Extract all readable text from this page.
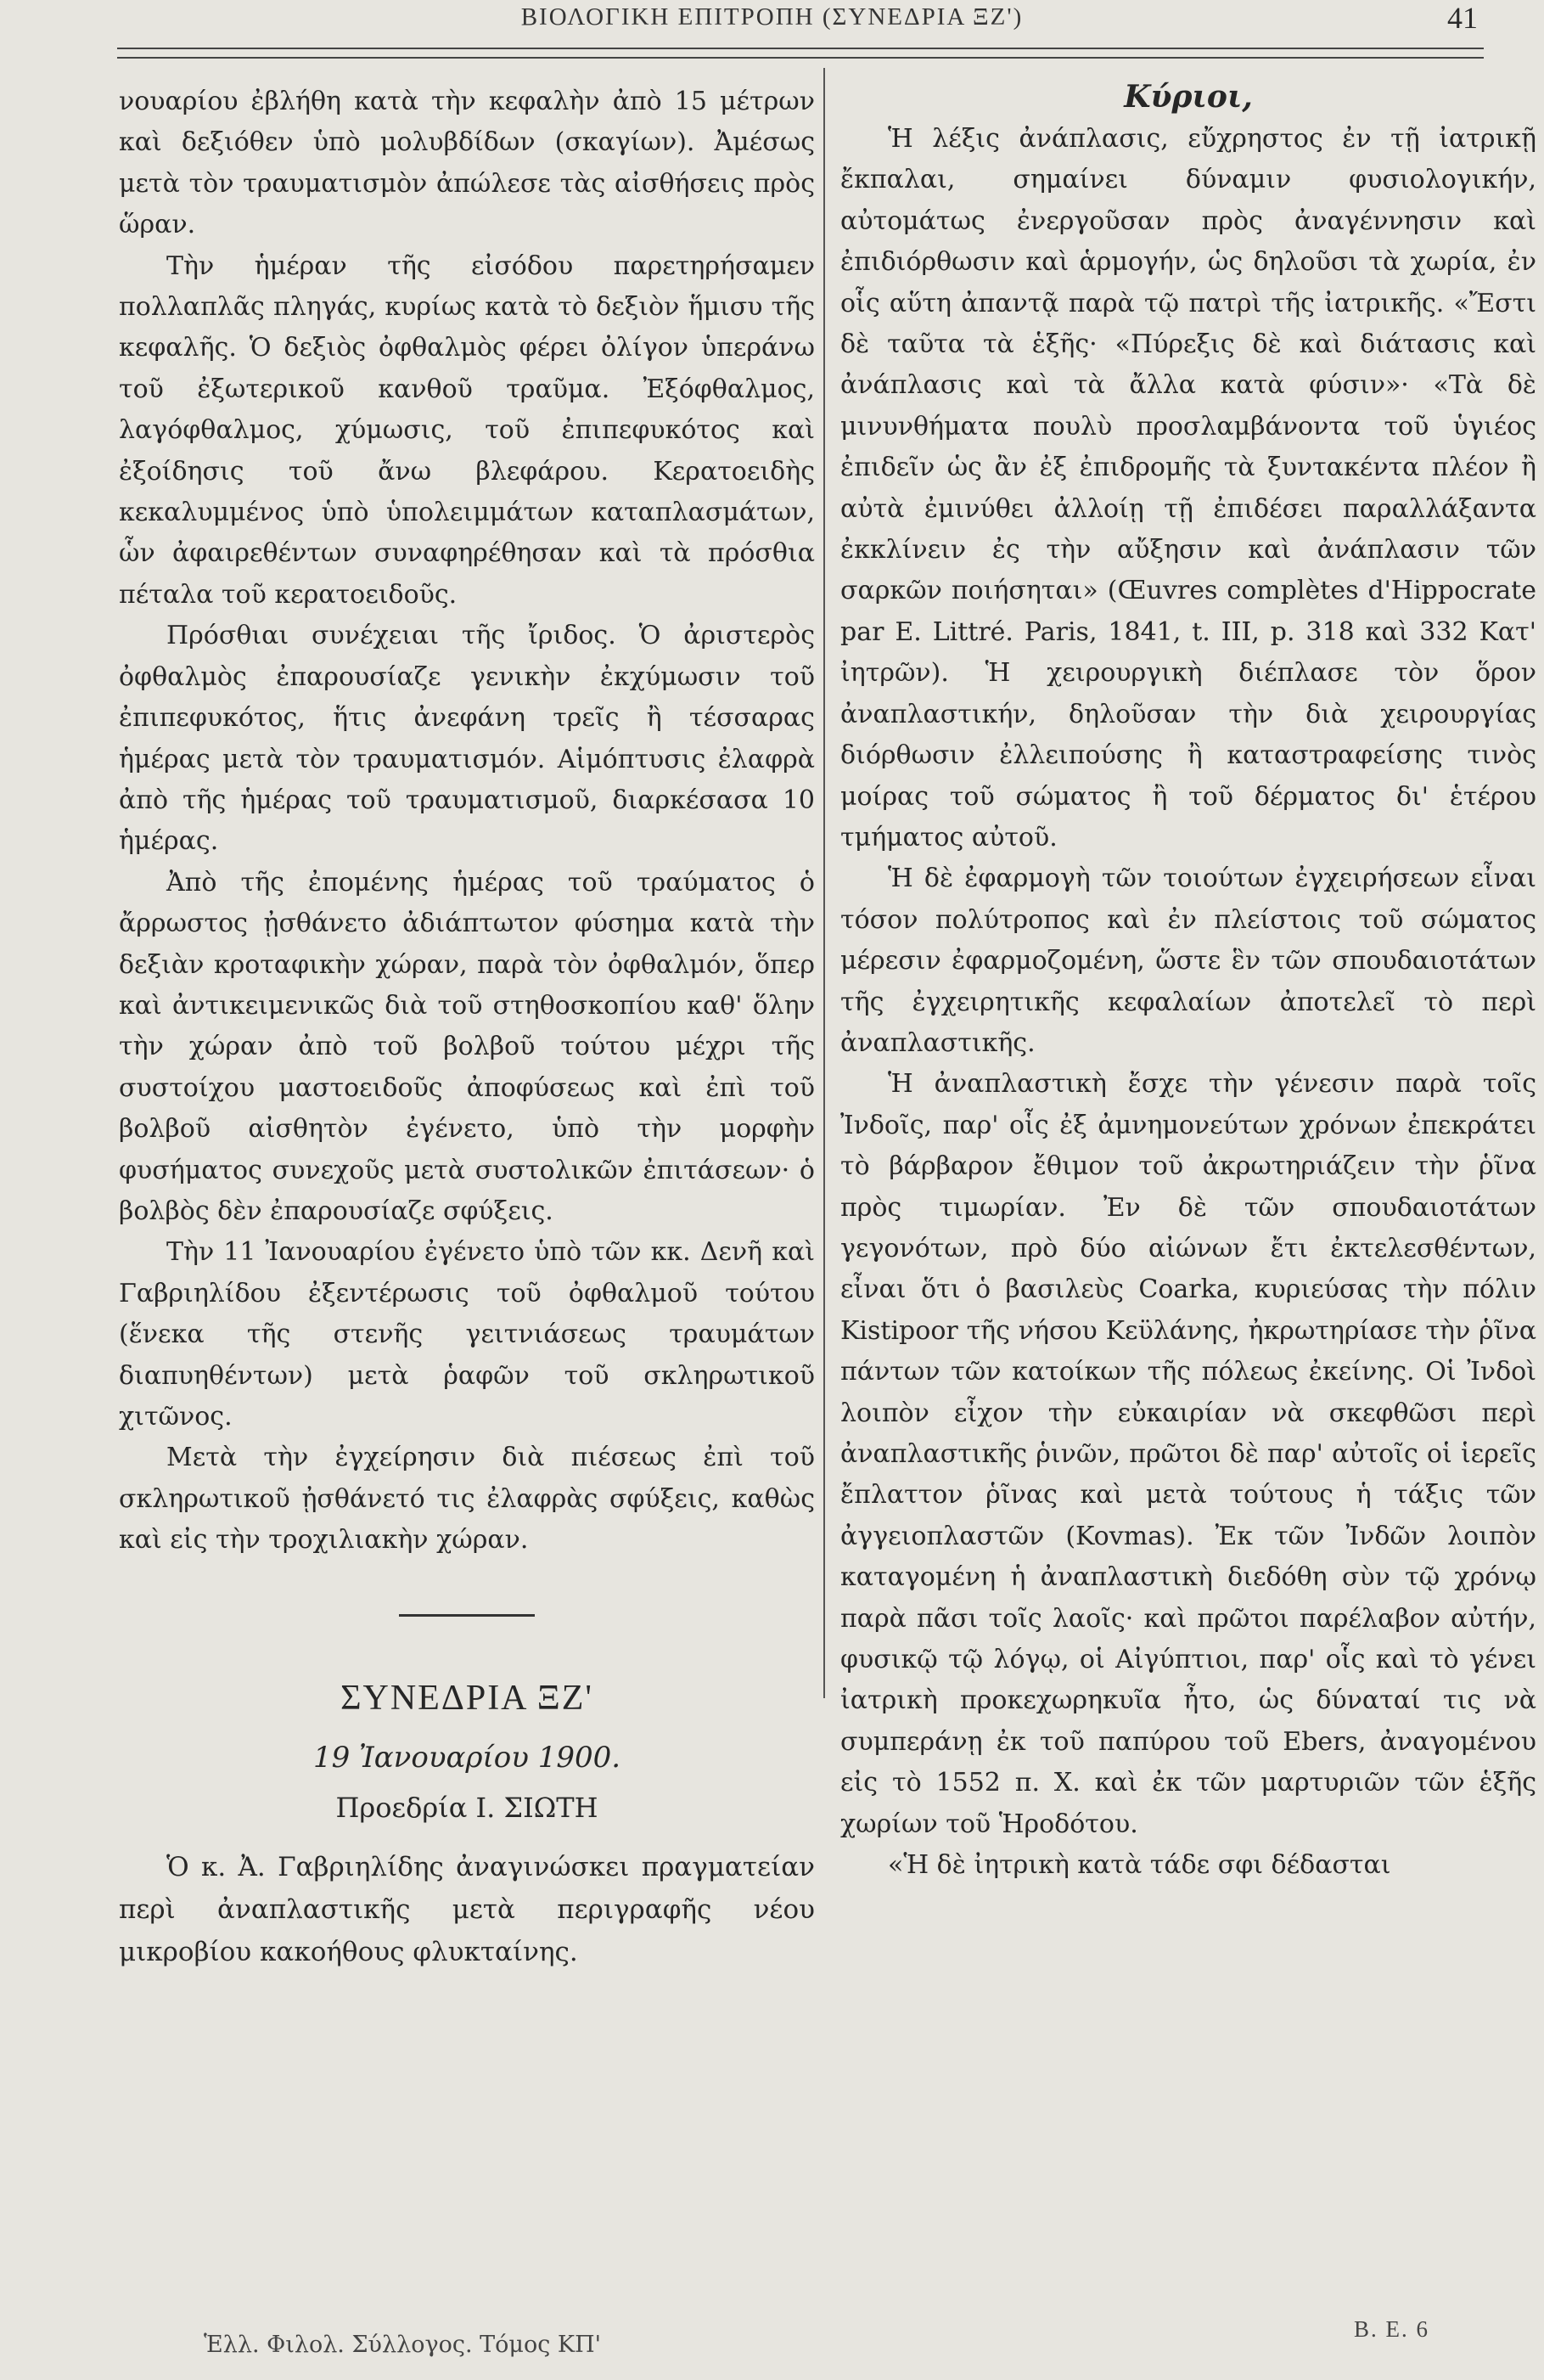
ΒΙΟΛΟΓΙΚΗ ΕΠΙΤΡΟΠΗ (ΣΥΝΕΔΡΙΑ ΞΖ')	41

νουαρίου ἐβλήθη κατὰ τὴν κεφαλὴν ἀπὸ 15 μέτρων καὶ δεξιόθεν ὑπὸ μολυβδίδων (σκαγίων). Ἀμέσως μετὰ τὸν τραυματισμὸν ἀπώλεσε τὰς αἰσθήσεις πρὸς ὥραν.

Τὴν ἡμέραν τῆς εἰσόδου παρετηρήσαμεν πολλαπλᾶς πληγάς, κυρίως κατὰ τὸ δεξιὸν ἥμισυ τῆς κεφαλῆς. Ὁ δεξιὸς ὀφθαλμὸς φέρει ὀλίγον ὑπεράνω τοῦ ἐξωτερικοῦ κανθοῦ τραῦμα. Ἐξόφθαλμος, λαγόφθαλμος, χύμωσις, τοῦ ἐπιπεφυκότος καὶ ἐξοίδησις τοῦ ἄνω βλεφάρου. Κερατοειδὴς κεκαλυμμένος ὑπὸ ὑπολειμμάτων καταπλασμάτων, ὧν ἀφαιρεθέντων συναφηρέθησαν καὶ τὰ πρόσθια πέταλα τοῦ κερατοειδοῦς.

Πρόσθιαι συνέχειαι τῆς ἴριδος. Ὁ ἀριστερὸς ὀφθαλμὸς ἐπαρουσίαζε γενικὴν ἐκχύμωσιν τοῦ ἐπιπεφυκότος, ἥτις ἀνεφάνη τρεῖς ἢ τέσσαρας ἡμέρας μετὰ τὸν τραυματισμόν. Αἱμόπτυσις ἐλαφρὰ ἀπὸ τῆς ἡμέρας τοῦ τραυματισμοῦ, διαρκέσασα 10 ἡμέρας.

Ἀπὸ τῆς ἐπομένης ἡμέρας τοῦ τραύματος ὁ ἄρρωστος ᾐσθάνετο ἀδιάπτωτον φύσημα κατὰ τὴν δεξιὰν κροταφικὴν χώραν, παρὰ τὸν ὀφθαλμόν, ὅπερ καὶ ἀντικειμενικῶς διὰ τοῦ στηθοσκοπίου καθ' ὅλην τὴν χώραν ἀπὸ τοῦ βολβοῦ τούτου μέχρι τῆς συστοίχου μαστοειδοῦς ἀποφύσεως καὶ ἐπὶ τοῦ βολβοῦ αἰσθητὸν ἐγένετο, ὑπὸ τὴν μορφὴν φυσήματος συνεχοῦς μετὰ συστολικῶν ἐπιτάσεων· ὁ βολβὸς δὲν ἐπαρουσίαζε σφύξεις.

Τὴν 11 Ἰανουαρίου ἐγένετο ὑπὸ τῶν κκ. Δενῆ καὶ Γαβριηλίδου ἐξεντέρωσις τοῦ ὀφθαλμοῦ τούτου (ἕνεκα τῆς στενῆς γειτνιάσεως τραυμάτων διαπυηθέντων) μετὰ ῥαφῶν τοῦ σκληρωτικοῦ χιτῶνος.

Μετὰ τὴν ἐγχείρησιν διὰ πιέσεως ἐπὶ τοῦ σκληρωτικοῦ ᾐσθάνετό τις ἐλαφρὰς σφύξεις, καθὼς καὶ εἰς τὴν τροχιλιακὴν χώραν.

ΣΥΝΕΔΡΙΑ ΞΖ'
19 Ἰανουαρίου 1900.
Προεδρία Ι. ΣΙΩΤΗ

Ὁ κ. Ἀ. Γαβριηλίδης ἀναγινώσκει πραγματείαν περὶ ἀναπλαστικῆς μετὰ περιγραφῆς νέου μικροβίου κακοήθους φλυκταίνης.

Κύριοι,

Ἡ λέξις ἀνάπλασις, εὔχρηστος ἐν τῇ ἰατρικῇ ἔκπαλαι, σημαίνει δύναμιν φυσιολογικήν, αὐτομάτως ἐνεργοῦσαν πρὸς ἀναγέννησιν καὶ ἐπιδιόρθωσιν καὶ ἁρμογήν, ὡς δηλοῦσι τὰ χωρία, ἐν οἷς αὕτη ἀπαντᾷ παρὰ τῷ πατρὶ τῆς ἰατρικῆς. «Ἔστι δὲ ταῦτα τὰ ἑξῆς· «Πύρεξις δὲ καὶ διάτασις καὶ ἀνάπλασις καὶ τὰ ἄλλα κατὰ φύσιν»· «Τὰ δὲ μινυνθήματα πουλὺ προσλαμβάνοντα τοῦ ὑγιέος ἐπιδεῖν ὡς ἂν ἐξ ἐπιδρομῆς τὰ ξυντακέντα πλέον ἢ αὐτὰ ἐμινύθει ἀλλοίῃ τῇ ἐπιδέσει παραλλάξαντα ἐκκλίνειν ἐς τὴν αὔξησιν καὶ ἀνάπλασιν τῶν σαρκῶν ποιήσηται» (Œuvres complètes d'Hippocrate par E. Littré. Paris, 1841, t. III, p. 318 καὶ 332 Κατ' ἰητρῶν). Ἡ χειρουργικὴ διέπλασε τὸν ὅρον ἀναπλαστικήν, δηλοῦσαν τὴν διὰ χειρουργίας διόρθωσιν ἐλλειπούσης ἢ καταστραφείσης τινὸς μοίρας τοῦ σώματος ἢ τοῦ δέρματος δι' ἑτέρου τμήματος αὐτοῦ.

Ἡ δὲ ἐφαρμογὴ τῶν τοιούτων ἐγχειρήσεων εἶναι τόσον πολύτροπος καὶ ἐν πλείστοις τοῦ σώματος μέρεσιν ἐφαρμοζομένη, ὥστε ἓν τῶν σπουδαιοτάτων τῆς ἐγχειρητικῆς κεφαλαίων ἀποτελεῖ τὸ περὶ ἀναπλαστικῆς.

Ἡ ἀναπλαστικὴ ἔσχε τὴν γένεσιν παρὰ τοῖς Ἰνδοῖς, παρ' οἷς ἐξ ἀμνημονεύτων χρόνων ἐπεκράτει τὸ βάρβαρον ἔθιμον τοῦ ἀκρωτηριάζειν τὴν ῥῖνα πρὸς τιμωρίαν. Ἐν δὲ τῶν σπουδαιοτάτων γεγονότων, πρὸ δύο αἰώνων ἔτι ἐκτελεσθέντων, εἶναι ὅτι ὁ βασιλεὺς Coarka, κυριεύσας τὴν πόλιν Kistipoor τῆς νήσου Κεϋλάνης, ἠκρωτηρίασε τὴν ῥῖνα πάντων τῶν κατοίκων τῆς πόλεως ἐκείνης. Οἱ Ἰνδοὶ λοιπὸν εἶχον τὴν εὐκαιρίαν νὰ σκεφθῶσι περὶ ἀναπλαστικῆς ῥινῶν, πρῶτοι δὲ παρ' αὐτοῖς οἱ ἱερεῖς ἔπλαττον ῥῖνας καὶ μετὰ τούτους ἡ τάξις τῶν ἀγγειοπλαστῶν (Kovmas). Ἐκ τῶν Ἰνδῶν λοιπὸν καταγομένη ἡ ἀναπλαστικὴ διεδόθη σὺν τῷ χρόνῳ παρὰ πᾶσι τοῖς λαοῖς· καὶ πρῶτοι παρέλαβον αὐτήν, φυσικῷ τῷ λόγῳ, οἱ Αἰγύπτιοι, παρ' οἷς καὶ τὸ γένει ἰατρικὴ προκεχωρηκυῖα ἦτο, ὡς δύναταί τις νὰ συμπεράνῃ ἐκ τοῦ παπύρου τοῦ Ebers, ἀναγομένου εἰς τὸ 1552 π. Χ. καὶ ἐκ τῶν μαρτυριῶν τῶν ἑξῆς χωρίων τοῦ Ἡροδότου.

«Ἡ δὲ ἰητρικὴ κατὰ τάδε σφι δέδασται

Ἑλλ. Φιλολ. Σύλλογος. Τόμος ΚΠ'
B. E. 6
